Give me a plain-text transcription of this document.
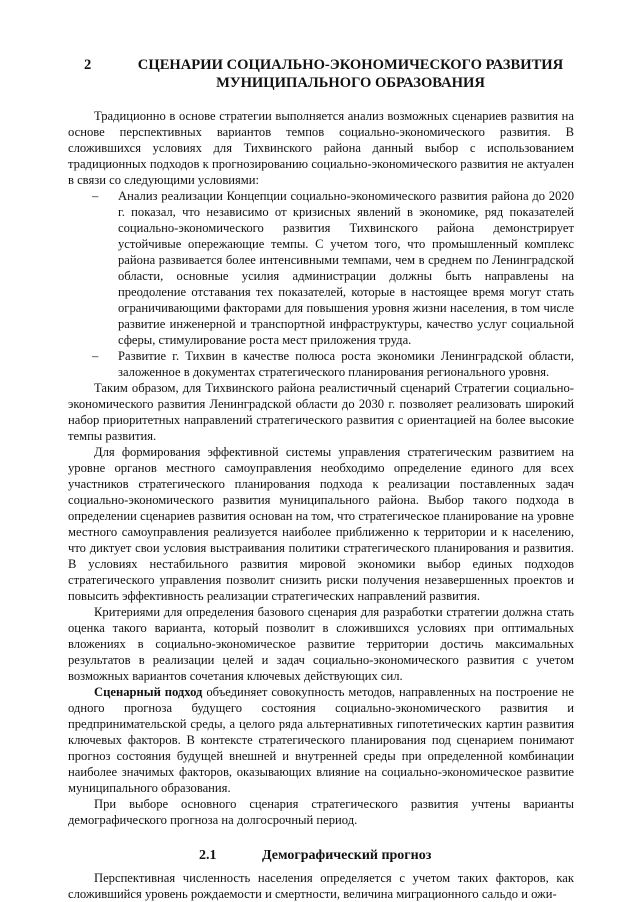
2	СЦЕНАРИИ СОЦИАЛЬНО-ЭКОНОМИЧЕСКОГО РАЗВИТИЯ МУНИЦИПАЛЬНОГО ОБРАЗОВАНИЯ

Традиционно в основе стратегии выполняется анализ возможных сценариев развития на основе перспективных вариантов темпов социально-экономического развития. В сложившихся условиях для Тихвинского района данный выбор с использованием традиционных подходов к прогнозированию социально-экономического развития не актуален в связи со следующими условиями:

– Анализ реализации Концепции социально-экономического развития района до 2020 г. показал, что независимо от кризисных явлений в экономике, ряд показателей социально-экономического развития Тихвинского района демонстрирует устойчивые опережающие темпы. С учетом того, что промышленный комплекс района развивается более интенсивными темпами, чем в среднем по Ленинградской области, основные усилия администрации должны быть направлены на преодоление отставания тех показателей, которые в настоящее время могут стать ограничивающими факторами для повышения уровня жизни населения, в том числе развитие инженерной и транспортной инфраструктуры, качество услуг социальной сферы, стимулирование роста мест приложения труда.
– Развитие г. Тихвин в качестве полюса роста экономики Ленинградской области, заложенное в документах стратегического планирования регионального уровня.

Таким образом, для Тихвинского района реалистичный сценарий Стратегии социально-экономического развития Ленинградской области до 2030 г. позволяет реализовать широкий набор приоритетных направлений стратегического развития с ориентацией на более высокие темпы развития.

Для формирования эффективной системы управления стратегическим развитием на уровне органов местного самоуправления необходимо определение единого для всех участников стратегического планирования подхода к реализации поставленных задач социально-экономического развития муниципального района. Выбор такого подхода в определении сценариев развития основан на том, что стратегическое планирование на уровне местного самоуправления реализуется наиболее приближенно к территории и к населению, что диктует свои условия выстраивания политики стратегического планирования и развития. В условиях нестабильного развития мировой экономики выбор единых подходов стратегического управления позволит снизить риски получения незавершенных проектов и повысить эффективность реализации стратегических направлений развития.

Критериями для определения базового сценария для разработки стратегии должна стать оценка такого варианта, который позволит в сложившихся условиях при оптимальных вложениях в социально-экономическое развитие территории достичь максимальных результатов в реализации целей и задач социально-экономического развития с учетом возможных вариантов сочетания ключевых действующих сил.

Сценарный подход объединяет совокупность методов, направленных на построение не одного прогноза будущего состояния социально-экономического развития и предпринимательской среды, а целого ряда альтернативных гипотетических картин развития ключевых факторов. В контексте стратегического планирования под сценарием понимают прогноз состояния будущей внешней и внутренней среды при определенной комбинации наиболее значимых факторов, оказывающих влияние на социально-экономическое развитие муниципального образования.

При выборе основного сценария стратегического развития учтены варианты демографического прогноза на долгосрочный период.

2.1	Демографический прогноз

Перспективная численность населения определяется с учетом таких факторов, как сложившийся уровень рождаемости и смертности, величина миграционного сальдо и ожи-
